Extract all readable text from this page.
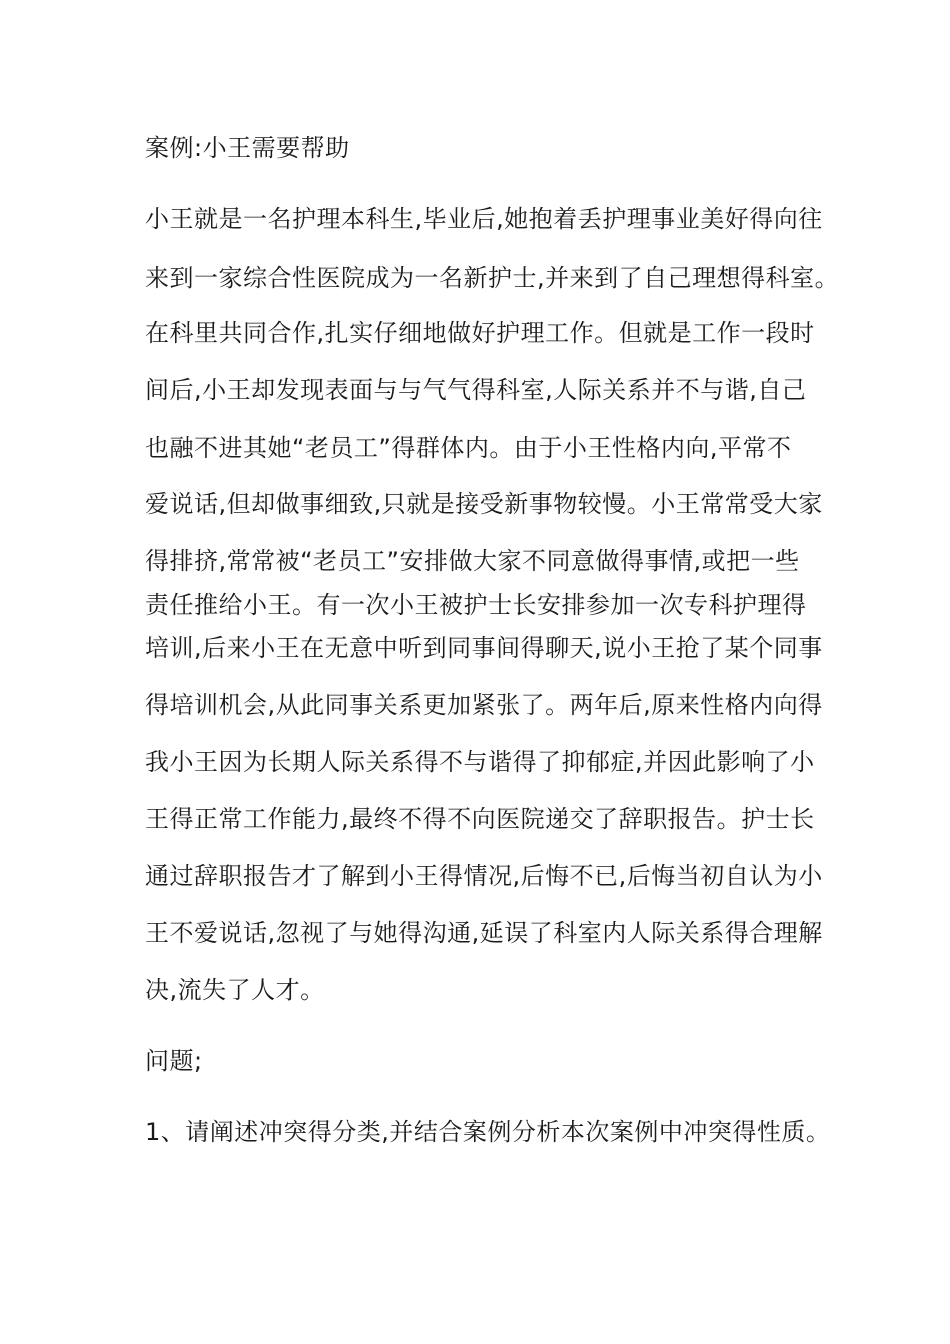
案例:小王需要帮助

小王就是一名护理本科生,毕业后,她抱着丢护理事业美好得向往

来到一家综合性医院成为一名新护士,并来到了自己理想得科室。

在科里共同合作,扎实仔细地做好护理工作。但就是工作一段时

间后,小王却发现表面与与气气得科室,人际关系并不与谐,自己

也融不进其她“老员工”得群体内。由于小王性格内向,平常不

爱说话,但却做事细致,只就是接受新事物较慢。小王常常受大家

得排挤,常常被“老员工”安排做大家不同意做得事情,或把一些

责任推给小王。有一次小王被护士长安排参加一次专科护理得

培训,后来小王在无意中听到同事间得聊天,说小王抢了某个同事

得培训机会,从此同事关系更加紧张了。两年后,原来性格内向得

我小王因为长期人际关系得不与谐得了抑郁症,并因此影响了小

王得正常工作能力,最终不得不向医院递交了辞职报告。护士长

通过辞职报告才了解到小王得情况,后悔不已,后悔当初自认为小

王不爱说话,忽视了与她得沟通,延误了科室内人际关系得合理解

决,流失了人才。

问题;

1、请阐述冲突得分类,并结合案例分析本次案例中冲突得性质。
